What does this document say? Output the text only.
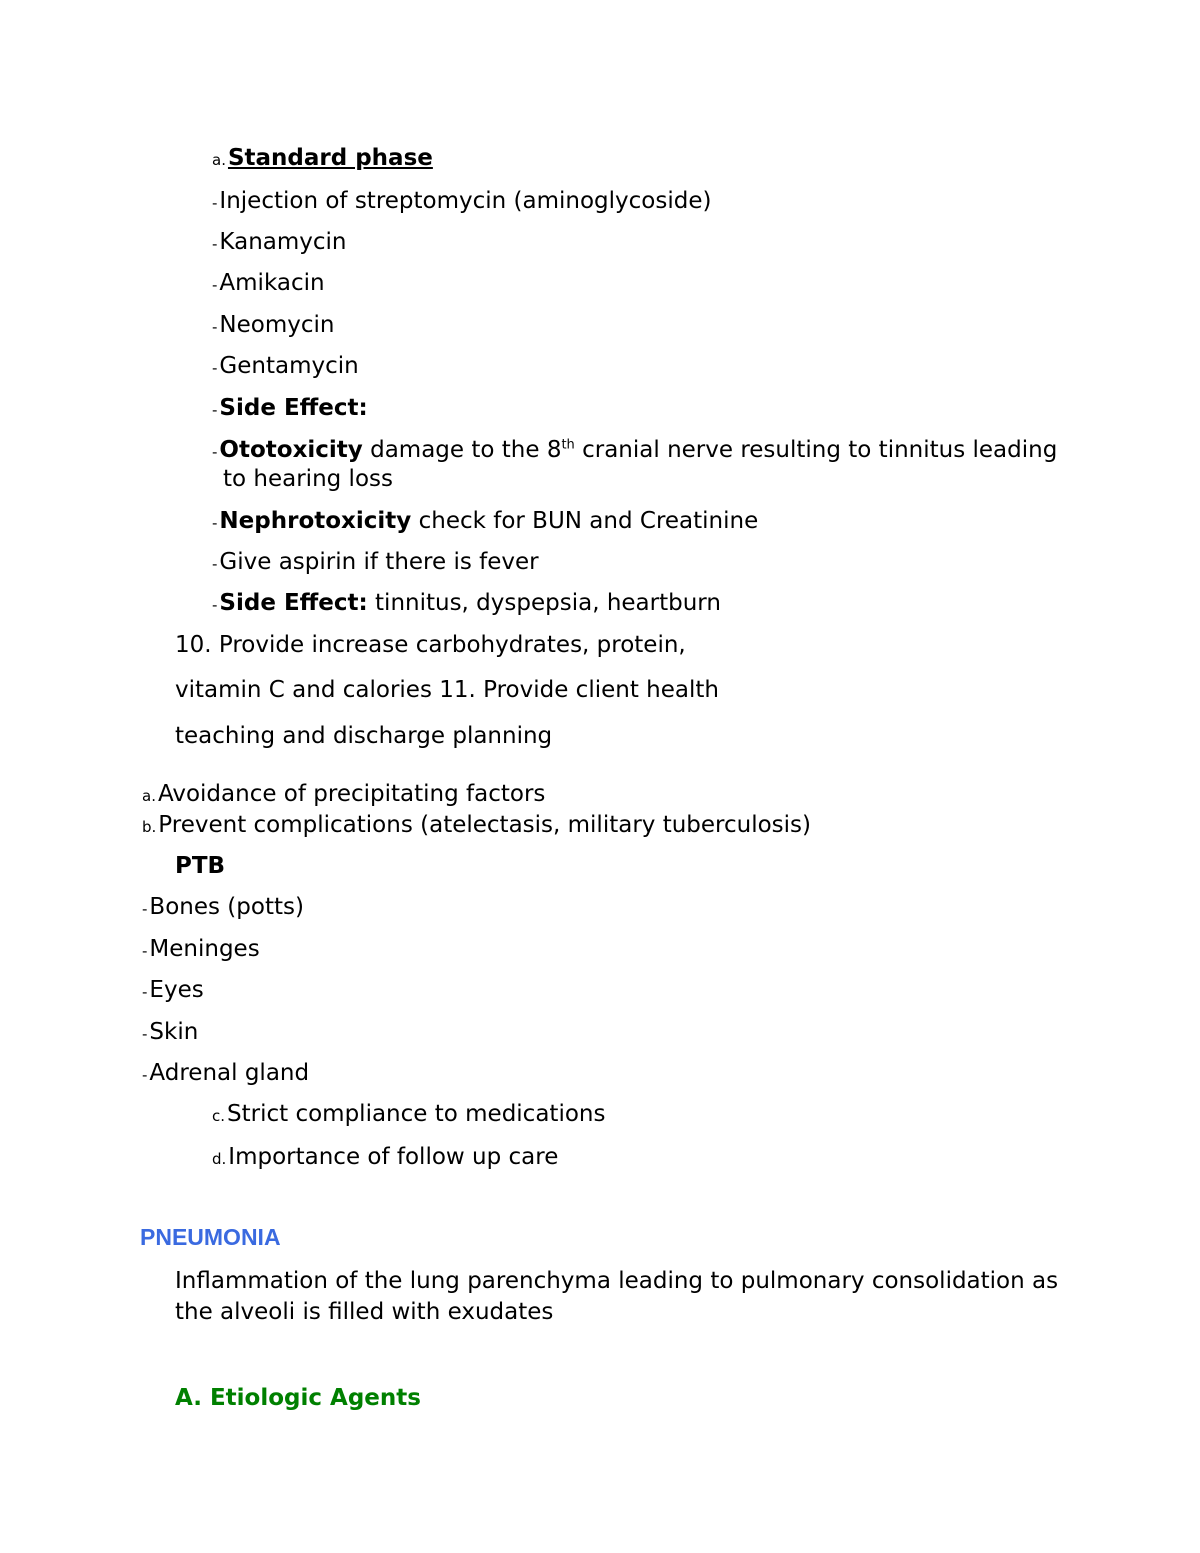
a.Standard phase
-Injection of streptomycin (aminoglycoside)
-Kanamycin
-Amikacin
-Neomycin
-Gentamycin
-Side Effect:
-Ototoxicity damage to the 8th cranial nerve resulting to tinnitus leading
to hearing loss
-Nephrotoxicity check for BUN and Creatinine
-Give aspirin if there is fever
-Side Effect: tinnitus, dyspepsia, heartburn
10. Provide increase carbohydrates, protein,
vitamin C and calories 11. Provide client health
teaching and discharge planning
a.Avoidance of precipitating factors
b.Prevent complications (atelectasis, military tuberculosis)
PTB
-Bones (potts)
-Meninges
-Eyes
-Skin
-Adrenal gland
c.Strict compliance to medications
d.Importance of follow up care
PNEUMONIA
Inflammation of the lung parenchyma leading to pulmonary consolidation as
the alveoli is filled with exudates
A. Etiologic Agents
